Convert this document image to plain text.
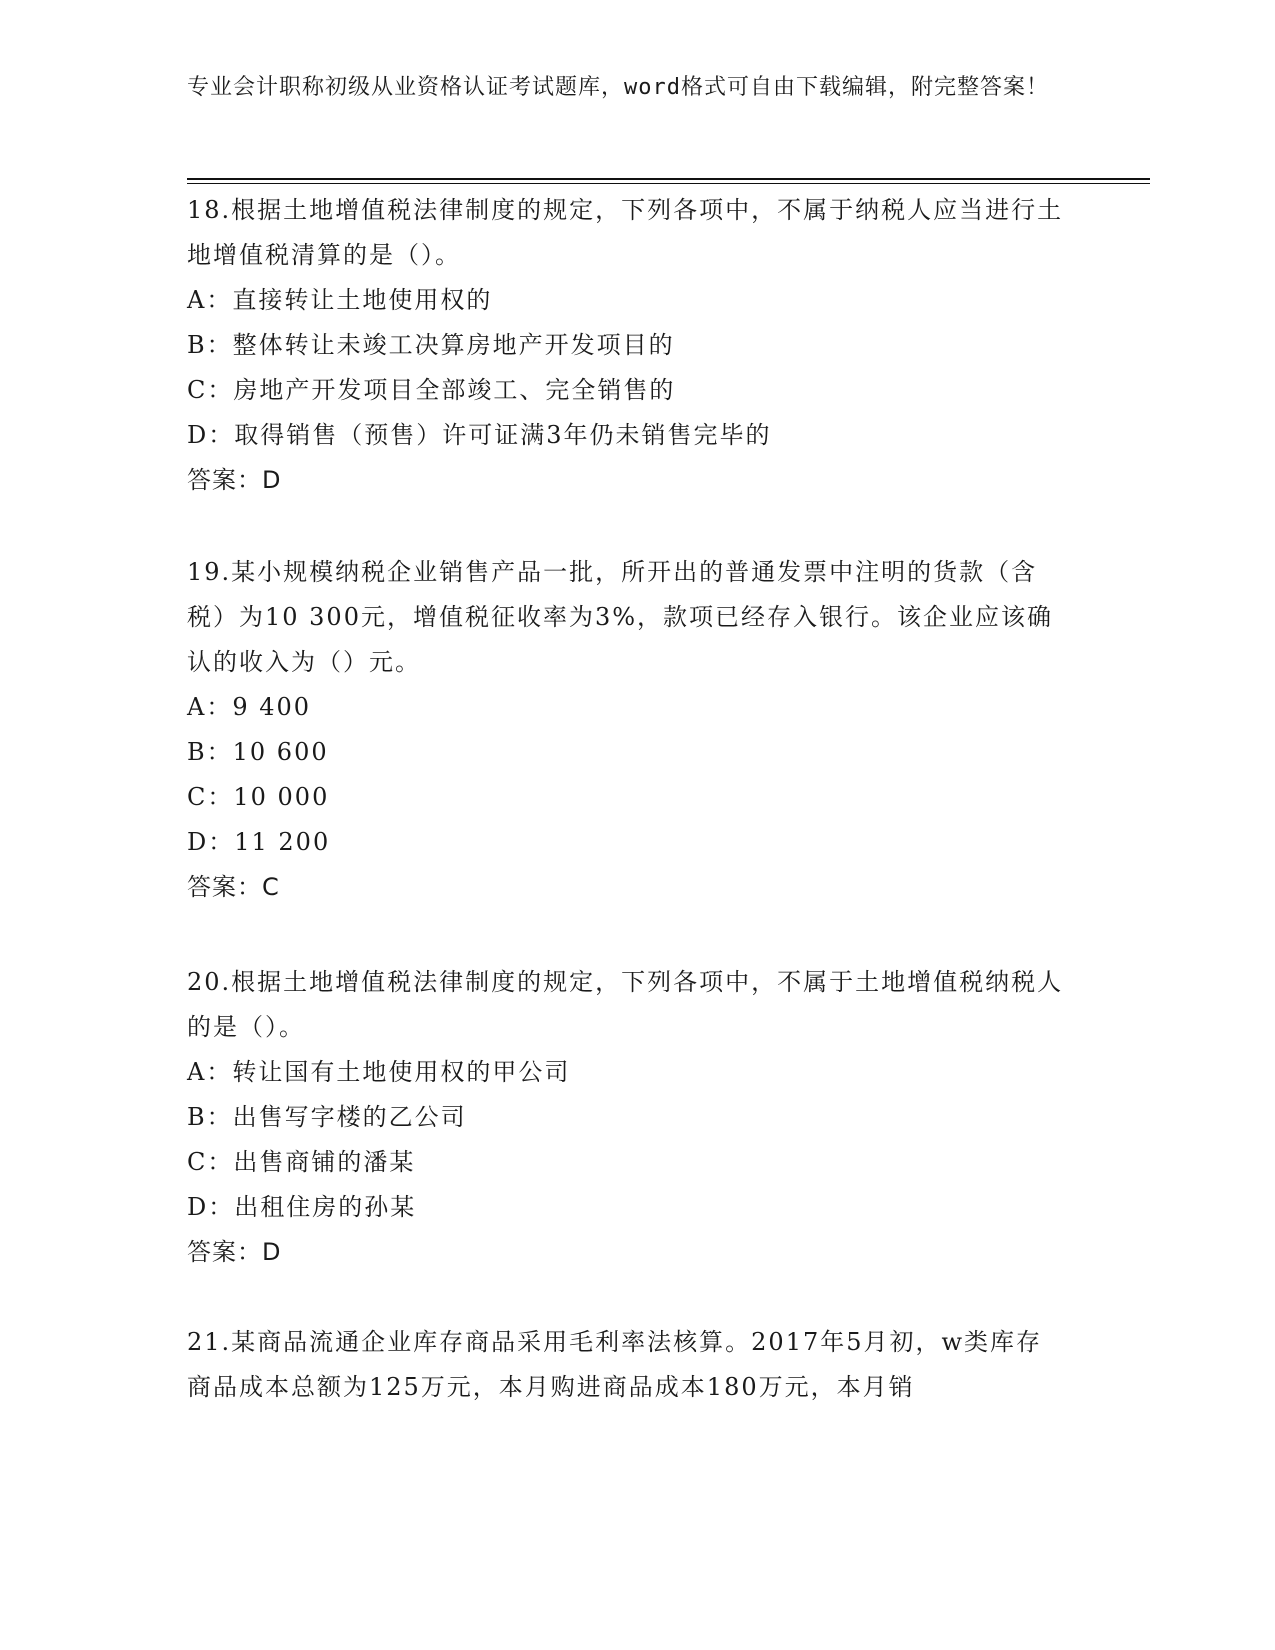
专业会计职称初级从业资格认证考试题库，word格式可自由下载编辑，附完整答案！
18.根据土地增值税法律制度的规定，下列各项中，不属于纳税人应当进行土地增值税清算的是（）。
A：直接转让土地使用权的
B：整体转让未竣工决算房地产开发项目的
C：房地产开发项目全部竣工、完全销售的
D：取得销售（预售）许可证满3年仍未销售完毕的
答案：D
19.某小规模纳税企业销售产品一批，所开出的普通发票中注明的货款（含税）为10 300元，增值税征收率为3%，款项已经存入银行。该企业应该确认的收入为（）元。
A：9 400
B：10 600
C：10 000
D：11 200
答案：C
20.根据土地增值税法律制度的规定，下列各项中，不属于土地增值税纳税人的是（）。
A：转让国有土地使用权的甲公司
B：出售写字楼的乙公司
C：出售商铺的潘某
D：出租住房的孙某
答案：D
21.某商品流通企业库存商品采用毛利率法核算。2017年5月初，w类库存商品成本总额为125万元，本月购进商品成本180万元，本月销
